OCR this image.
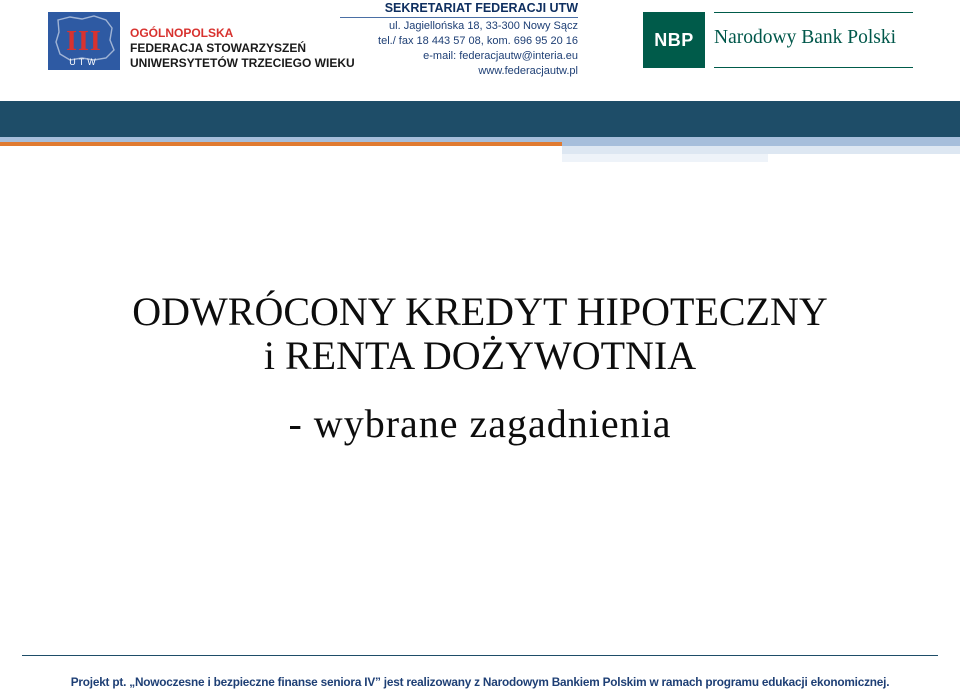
III
UTW
OGÓLNOPOLSKA
FEDERACJA STOWARZYSZEŃ
UNIWERSYTETÓW TRZECIEGO WIEKU
SEKRETARIAT FEDERACJI UTW
ul. Jagiellońska 18, 33-300 Nowy Sącz
tel./ fax 18 443 57 08, kom. 696 95 20 16
e-mail: federacjautw@interia.eu
www.federacjautw.pl
NBP	Narodowy Bank Polski
ODWRÓCONY KREDYT HIPOTECZNY
i RENTA DOŻYWOTNIA
- wybrane zagadnienia
Projekt pt. „Nowoczesne i bezpieczne finanse seniora IV” jest realizowany z Narodowym Bankiem Polskim w ramach programu edukacji ekonomicznej.
